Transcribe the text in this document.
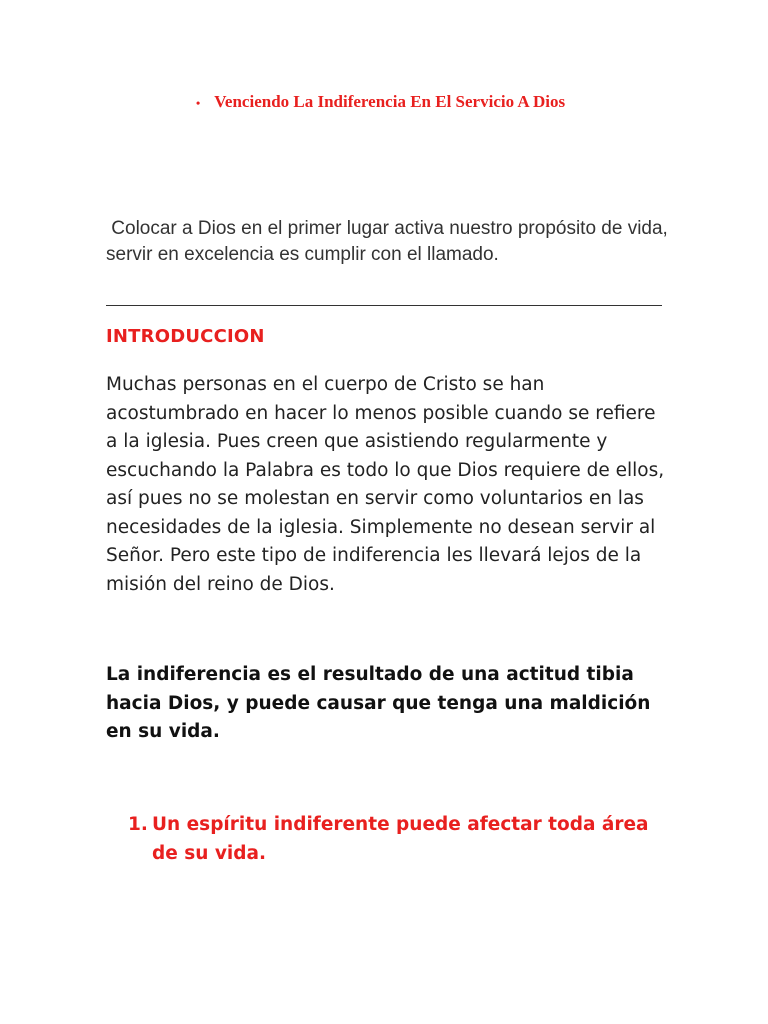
• Venciendo La Indiferencia En El Servicio A Dios
Colocar a Dios en el primer lugar activa nuestro propósito de vida, servir en excelencia es cumplir con el llamado.
INTRODUCCION
Muchas personas en el cuerpo de Cristo se han acostumbrado en hacer lo menos posible cuando se refiere a la iglesia. Pues creen que asistiendo regularmente y escuchando la Palabra es todo lo que Dios requiere de ellos, así pues no se molestan en servir como voluntarios en las necesidades de la iglesia. Simplemente no desean servir al Señor. Pero este tipo de indiferencia les llevará lejos de la misión del reino de Dios.
La indiferencia es el resultado de una actitud tibia hacia Dios, y puede causar que tenga una maldición en su vida.
1. Un espíritu indiferente puede afectar toda área de su vida.
